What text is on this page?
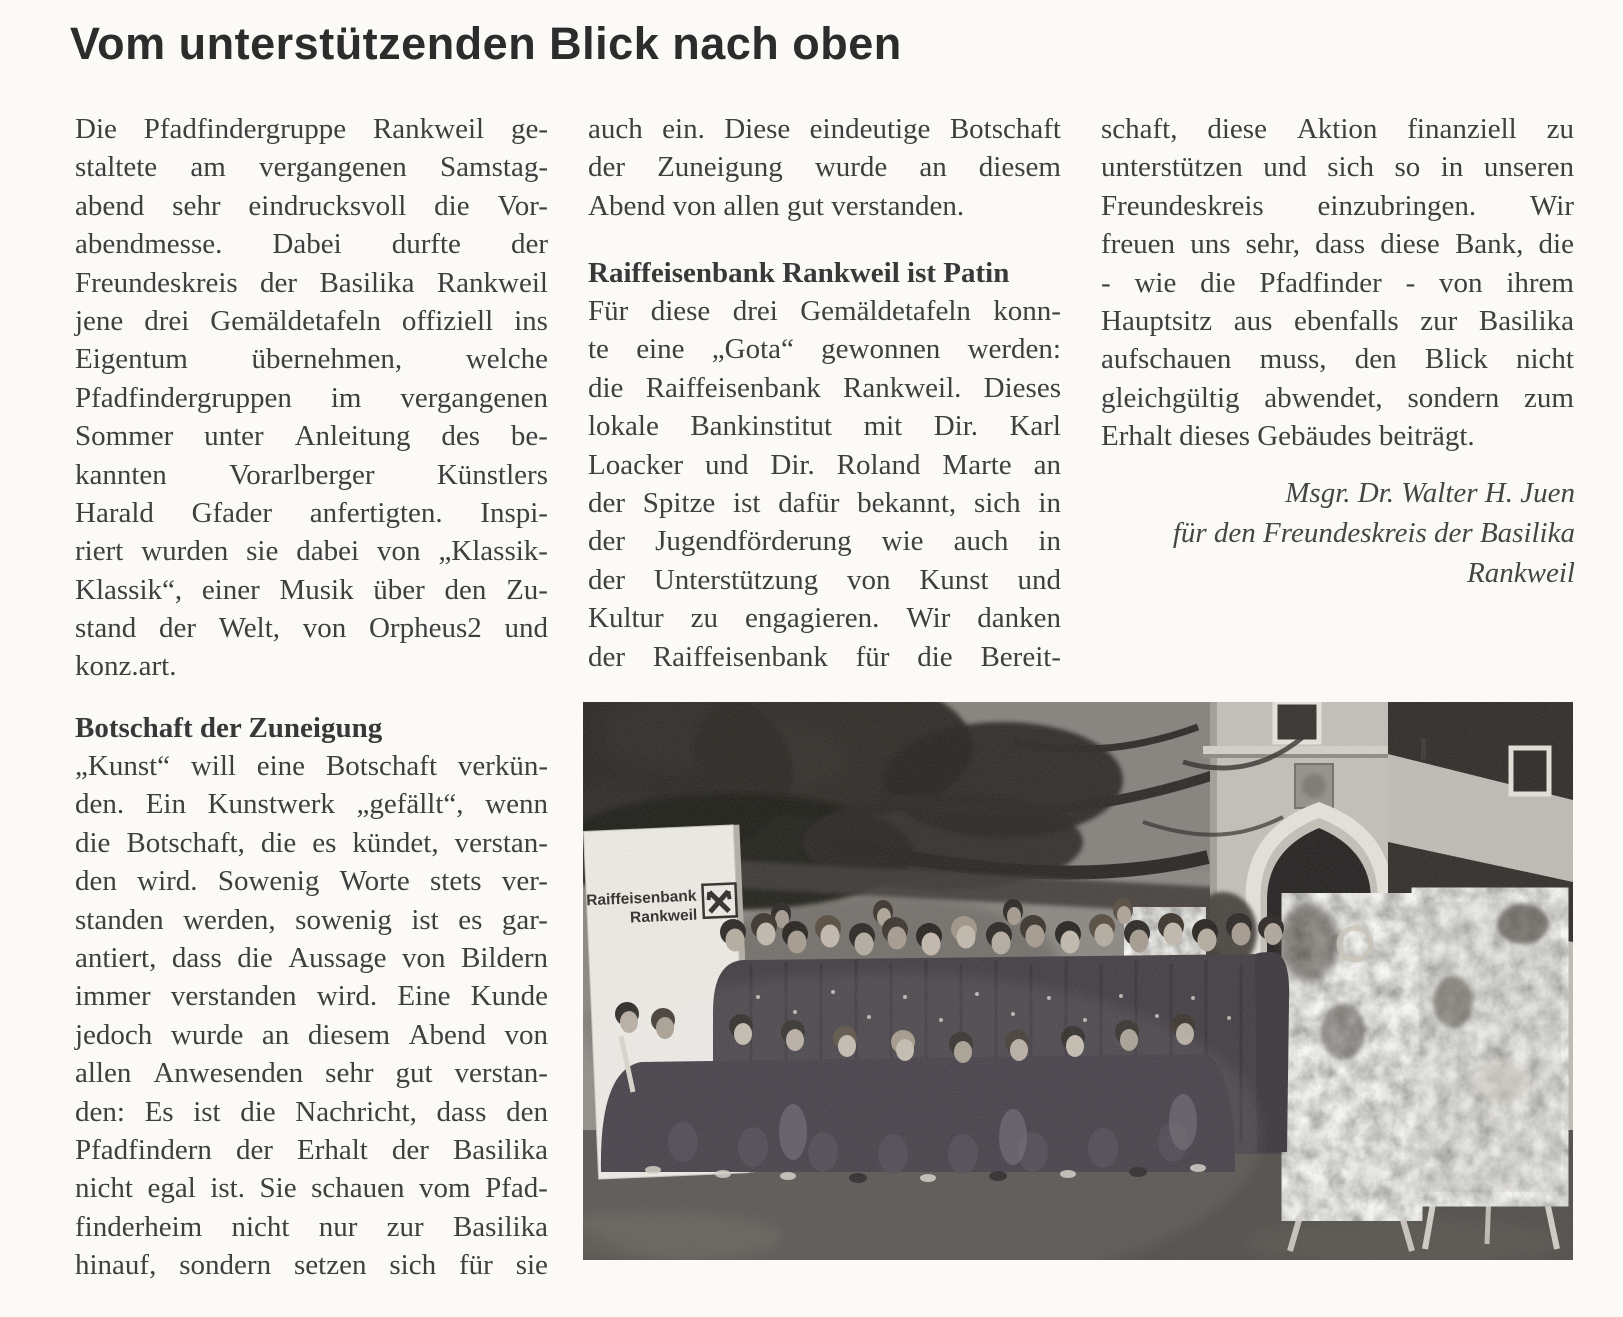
Vom unterstützenden Blick nach oben
Die Pfadfindergruppe Rankweil ge-
staltete am vergangenen Samstag-
abend sehr eindrucksvoll die Vor-
abendmesse. Dabei durfte der
Freundeskreis der Basilika Rankweil
jene drei Gemäldetafeln offiziell ins
Eigentum übernehmen, welche
Pfadfindergruppen im vergangenen
Sommer unter Anleitung des be-
kannten Vorarlberger Künstlers
Harald Gfader anfertigten. Inspi-
riert wurden sie dabei von „Klassik-
Klassik“, einer Musik über den Zu-
stand der Welt, von Orpheus2 und
konz.art.
Botschaft der Zuneigung
„Kunst“ will eine Botschaft verkün-
den. Ein Kunstwerk „gefällt“, wenn
die Botschaft, die es kündet, verstan-
den wird. Sowenig Worte stets ver-
standen werden, sowenig ist es gar-
antiert, dass die Aussage von Bildern
immer verstanden wird. Eine Kunde
jedoch wurde an diesem Abend von
allen Anwesenden sehr gut verstan-
den: Es ist die Nachricht, dass den
Pfadfindern der Erhalt der Basilika
nicht egal ist. Sie schauen vom Pfad-
finderheim nicht nur zur Basilika
hinauf, sondern setzen sich für sie
auch ein. Diese eindeutige Botschaft
der Zuneigung wurde an diesem
Abend von allen gut verstanden.
Raiffeisenbank Rankweil ist Patin
Für diese drei Gemäldetafeln konn-
te eine „Gota“ gewonnen werden:
die Raiffeisenbank Rankweil. Dieses
lokale Bankinstitut mit Dir. Karl
Loacker und Dir. Roland Marte an
der Spitze ist dafür bekannt, sich in
der Jugendförderung wie auch in
der Unterstützung von Kunst und
Kultur zu engagieren. Wir danken
der Raiffeisenbank für die Bereit-
schaft, diese Aktion finanziell zu
unterstützen und sich so in unseren
Freundeskreis einzubringen. Wir
freuen uns sehr, dass diese Bank, die
- wie die Pfadfinder - von ihrem
Hauptsitz aus ebenfalls zur Basilika
aufschauen muss, den Blick nicht
gleichgültig abwendet, sondern zum
Erhalt dieses Gebäudes beiträgt.
Msgr. Dr. Walter H. Juen
für den Freundeskreis der Basilika
Rankweil
